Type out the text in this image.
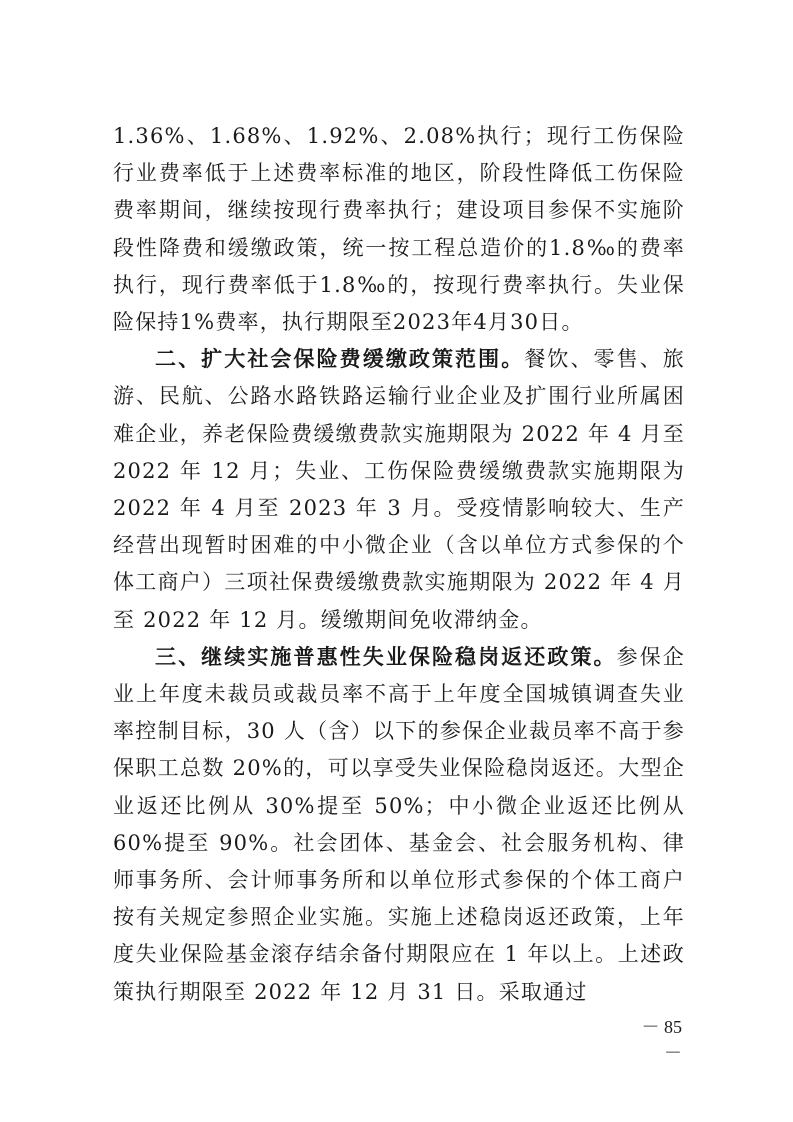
1.36%、1.68%、1.92%、2.08%执行；现行工伤保险行业费率低于上述费率标准的地区，阶段性降低工伤保险费率期间，继续按现行费率执行；建设项目参保不实施阶段性降费和缓缴政策，统一按工程总造价的1.8‰的费率执行，现行费率低于1.8‰的，按现行费率执行。失业保险保持1%费率，执行期限至2023年4月30日。

二、扩大社会保险费缓缴政策范围。餐饮、零售、旅游、民航、公路水路铁路运输行业企业及扩围行业所属困难企业，养老保险费缓缴费款实施期限为 2022 年 4 月至 2022 年 12 月；失业、工伤保险费缓缴费款实施期限为 2022 年 4 月至 2023 年 3 月。受疫情影响较大、生产经营出现暂时困难的中小微企业（含以单位方式参保的个体工商户）三项社保费缓缴费款实施期限为 2022 年 4 月至 2022 年 12 月。缓缴期间免收滞纳金。

三、继续实施普惠性失业保险稳岗返还政策。参保企业上年度未裁员或裁员率不高于上年度全国城镇调查失业率控制目标，30 人（含）以下的参保企业裁员率不高于参保职工总数 20%的，可以享受失业保险稳岗返还。大型企业返还比例从 30%提至 50%；中小微企业返还比例从 60%提至 90%。社会团体、基金会、社会服务机构、律师事务所、会计师事务所和以单位形式参保的个体工商户按有关规定参照企业实施。实施上述稳岗返还政策，上年度失业保险基金滚存结余备付期限应在 1 年以上。上述政策执行期限至 2022 年 12 月 31 日。采取通过

－ 85 －
